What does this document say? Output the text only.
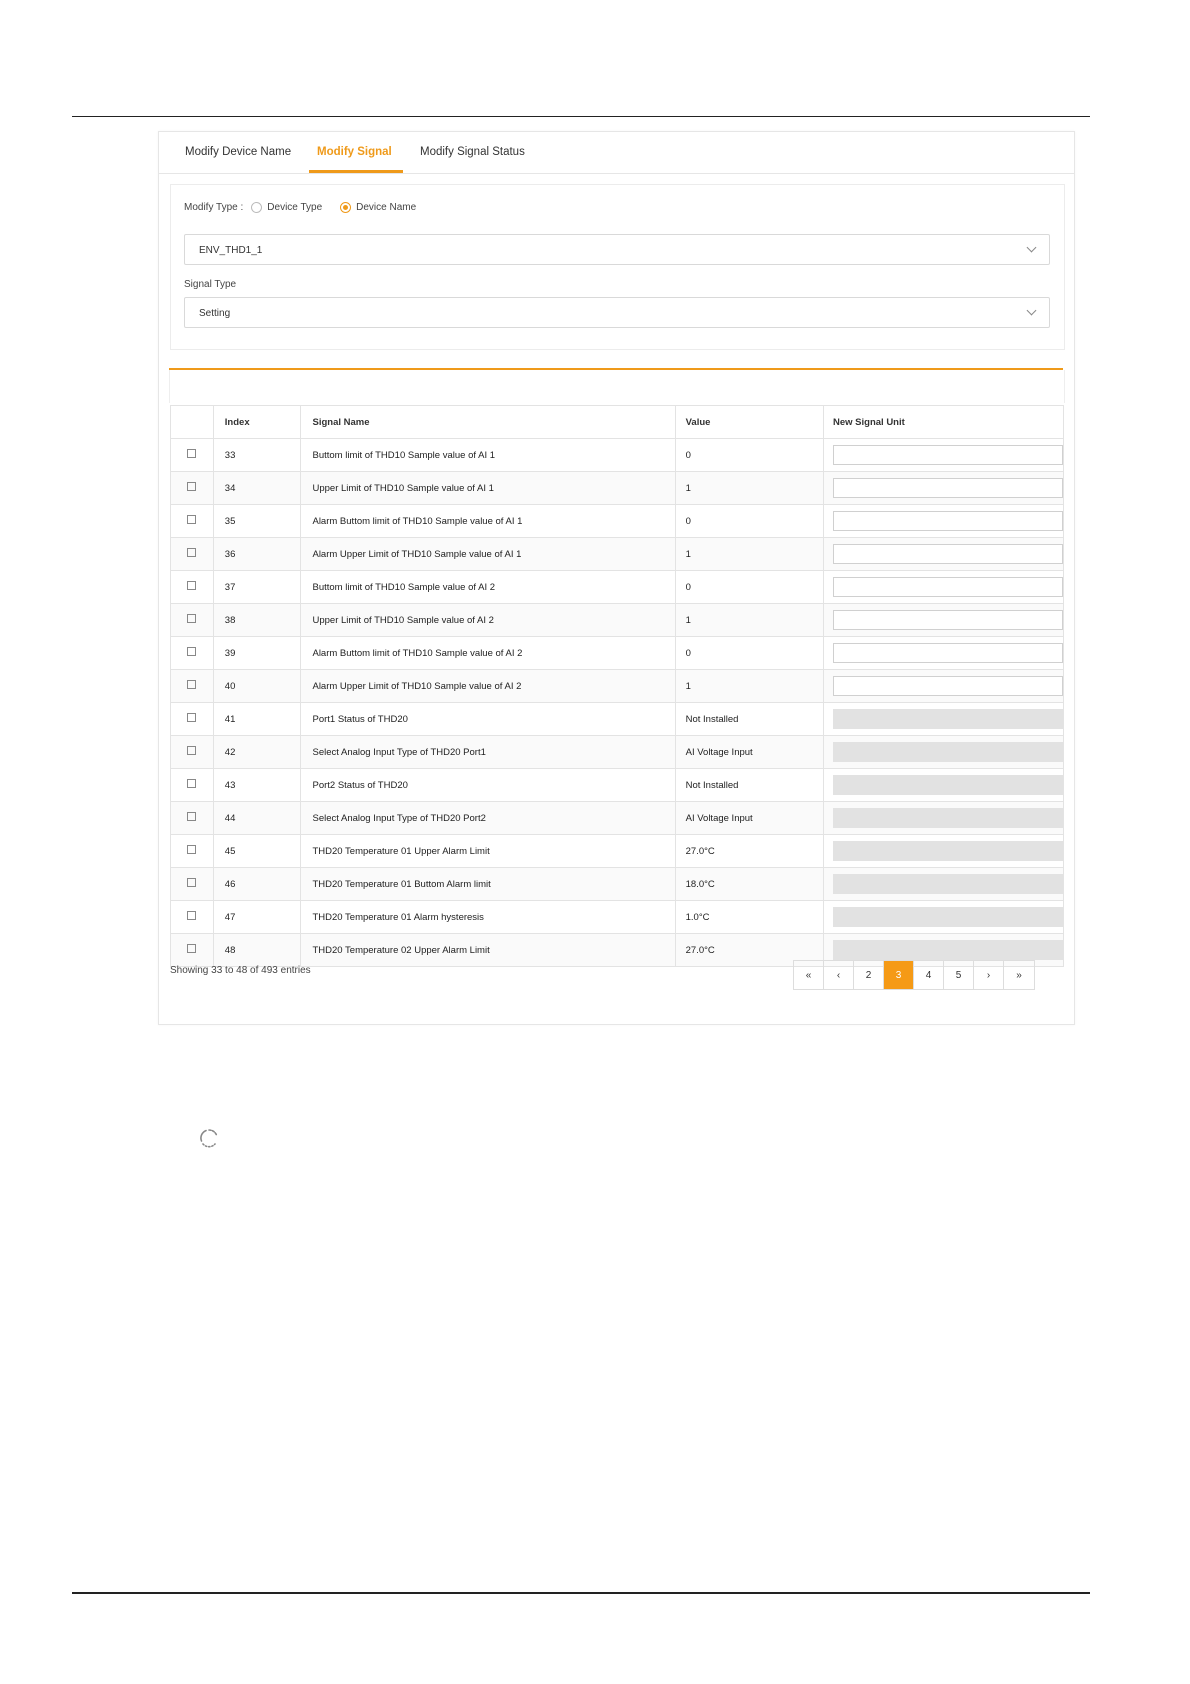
Modify Device Name Modify Signal Modify Signal Status
Modify Type : Device Type	Device Name
ENV_THD1_1
Signal Type
Setting
	Index	Signal Name	Value	New Signal Unit
	33	Buttom limit of THD10 Sample value of AI 1	0	

	34	Upper Limit of THD10 Sample value of AI 1	1	

	35	Alarm Buttom limit of THD10 Sample value of AI 1	0	

	36	Alarm Upper Limit of THD10 Sample value of AI 1	1	

	37	Buttom limit of THD10 Sample value of AI 2	0	

	38	Upper Limit of THD10 Sample value of AI 2	1	

	39	Alarm Buttom limit of THD10 Sample value of AI 2	0	

	40	Alarm Upper Limit of THD10 Sample value of AI 2	1	

	41	Port1 Status of THD20	Not Installed	

	42	Select Analog Input Type of THD20 Port1	AI Voltage Input	

	43	Port2 Status of THD20	Not Installed	

	44	Select Analog Input Type of THD20 Port2	AI Voltage Input	

	45	THD20 Temperature 01 Upper Alarm Limit	27.0°C	

	46	THD20 Temperature 01 Buttom Alarm limit	18.0°C	

	47	THD20 Temperature 01 Alarm hysteresis	1.0°C	

	48	THD20 Temperature 02 Upper Alarm Limit	27.0°C	
Showing 33 to 48 of 493 entries	«	‹	2	3	4	5	›	»
